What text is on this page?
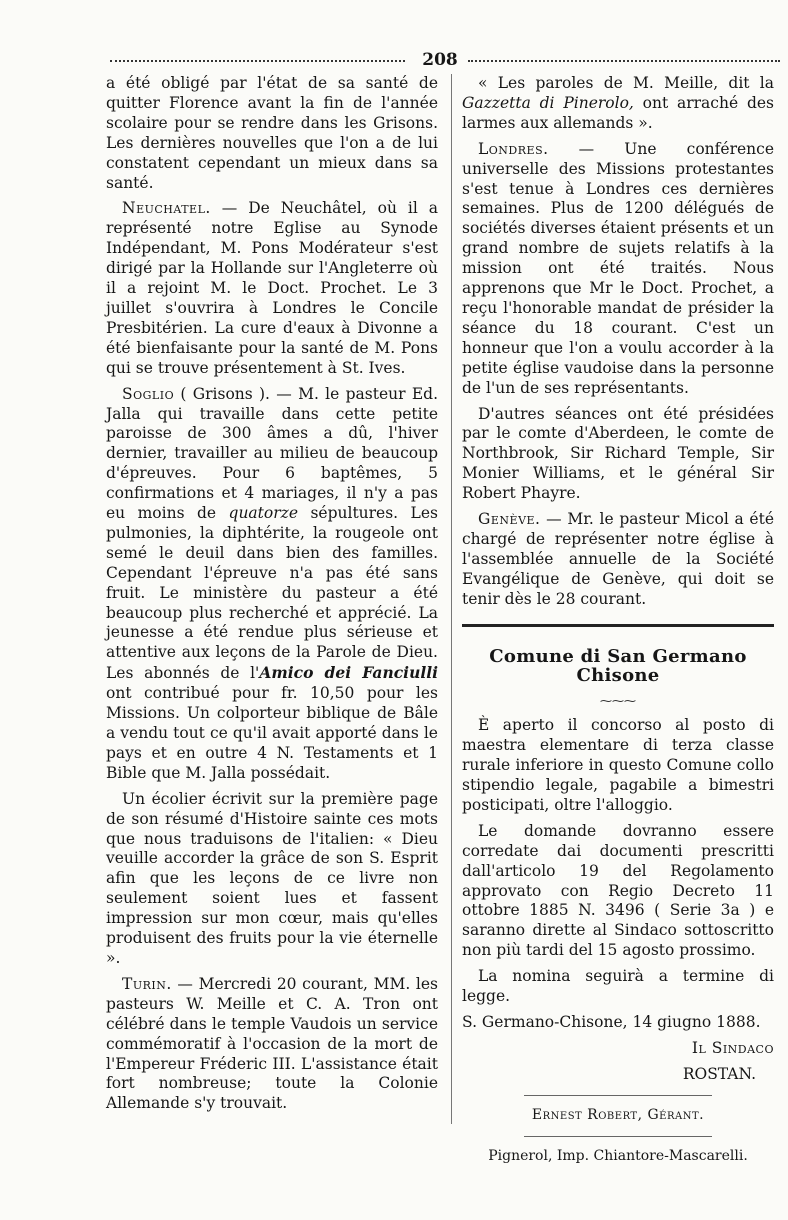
208

a été obligé par l'état de sa santé de quitter Florence avant la fin de l'année scolaire pour se rendre dans les Grisons. Les dernières nouvelles que l'on a de lui constatent cependant un mieux dans sa santé.

Neuchatel. — De Neuchâtel, où il a représenté notre Eglise au Synode Indépendant, M. Pons Modérateur s'est dirigé par la Hollande sur l'Angleterre où il a rejoint M. le Doct. Prochet. Le 3 juillet s'ouvrira à Londres le Concile Presbitérien. La cure d'eaux à Divonne a été bienfaisante pour la santé de M. Pons qui se trouve présentement à St. Ives.

Soglio ( Grisons ). — M. le pasteur Ed. Jalla qui travaille dans cette petite paroisse de 300 âmes a dû, l'hiver dernier, travailler au milieu de beaucoup d'épreuves. Pour 6 baptêmes, 5 confirmations et 4 mariages, il n'y a pas eu moins de quatorze sépultures. Les pulmonies, la diphtérite, la rougeole ont semé le deuil dans bien des familles. Cependant l'épreuve n'a pas été sans fruit. Le ministère du pasteur a été beaucoup plus recherché et apprécié. La jeunesse a été rendue plus sérieuse et attentive aux leçons de la Parole de Dieu. Les abonnés de l'Amico dei Fanciulli ont contribué pour fr. 10,50 pour les Missions. Un colporteur biblique de Bâle a vendu tout ce qu'il avait apporté dans le pays et en outre 4 N. Testaments et 1 Bible que M. Jalla possédait.

Un écolier écrivit sur la première page de son résumé d'Histoire sainte ces mots que nous traduisons de l'italien: « Dieu veuille accorder la grâce de son S. Esprit afin que les leçons de ce livre non seulement soient lues et fassent impression sur mon cœur, mais qu'elles produisent des fruits pour la vie éternelle ».

Turin. — Mercredi 20 courant, MM. les pasteurs W. Meille et C. A. Tron ont célébré dans le temple Vaudois un service commémoratif à l'occasion de la mort de l'Empereur Fréderic III. L'assistance était fort nombreuse; toute la Colonie Allemande s'y trouvait.

« Les paroles de M. Meille, dit la Gazzetta di Pinerolo, ont arraché des larmes aux allemands ».

Londres. — Une conférence universelle des Missions protestantes s'est tenue à Londres ces dernières semaines. Plus de 1200 délégués de sociétés diverses étaient présents et un grand nombre de sujets relatifs à la mission ont été traités. Nous apprenons que Mr le Doct. Prochet, a reçu l'honorable mandat de présider la séance du 18 courant. C'est un honneur que l'on a voulu accorder à la petite église vaudoise dans la personne de l'un de ses représentants.

D'autres séances ont été présidées par le comte d'Aberdeen, le comte de Northbrook, Sir Richard Temple, Sir Monier Williams, et le général Sir Robert Phayre.

Genève. — Mr. le pasteur Micol a été chargé de représenter notre église à l'assemblée annuelle de la Société Evangélique de Genève, qui doit se tenir dès le 28 courant.

Comune di San Germano Chisone
⁓⁓⁓

È aperto il concorso al posto di maestra elementare di terza classe rurale inferiore in questo Comune collo stipendio legale, pagabile a bimestri posticipati, oltre l'alloggio.

Le domande dovranno essere corredate dai documenti prescritti dall'articolo 19 del Regolamento approvato con Regio Decreto 11 ottobre 1885 N. 3496 ( Serie 3a ) e saranno dirette al Sindaco sottoscritto non più tardi del 15 agosto prossimo.

La nomina seguirà a termine di legge.

S. Germano-Chisone, 14 giugno 1888.

Il Sindaco

ROSTAN.

Ernest Robert, Gérant.

Pignerol, Imp. Chiantore-Mascarelli.
